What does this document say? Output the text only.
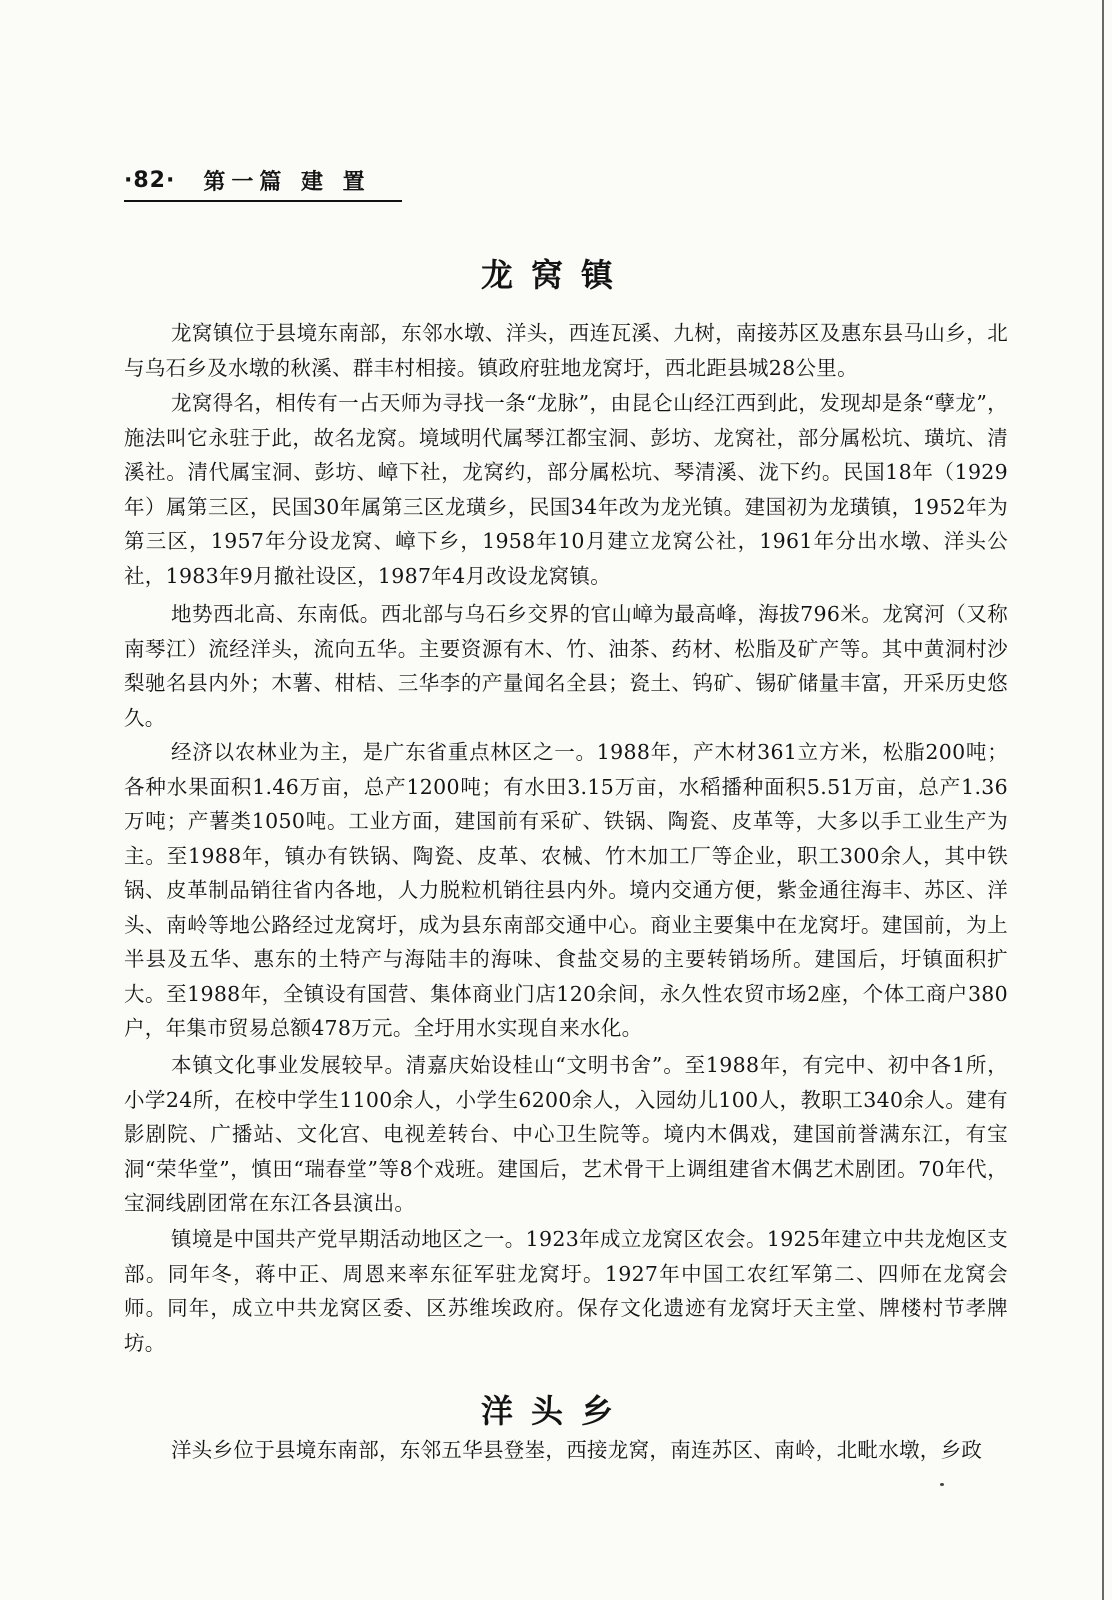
·82· 第一篇 建 置
龙窝镇

龙窝镇位于县境东南部，东邻水墩、洋头，西连瓦溪、九树，南接苏区及惠东县马山乡，北与乌石乡及水墩的秋溪、群丰村相接。镇政府驻地龙窝圩，西北距县城28公里。

龙窝得名，相传有一占天师为寻找一条“龙脉”，由昆仑山经江西到此，发现却是条“孽龙”，施法叫它永驻于此，故名龙窝。境域明代属琴江都宝洞、彭坊、龙窝社，部分属松坑、璜坑、清溪社。清代属宝洞、彭坊、嶂下社，龙窝约，部分属松坑、琴清溪、泷下约。民国18年（1929年）属第三区，民国30年属第三区龙璜乡，民国34年改为龙光镇。建国初为龙璜镇，1952年为第三区，1957年分设龙窝、嶂下乡，1958年10月建立龙窝公社，1961年分出水墩、洋头公社，1983年9月撤社设区，1987年4月改设龙窝镇。

地势西北高、东南低。西北部与乌石乡交界的官山嶂为最高峰，海拔796米。龙窝河（又称南琴江）流经洋头，流向五华。主要资源有木、竹、油茶、药材、松脂及矿产等。其中黄洞村沙梨驰名县内外；木薯、柑桔、三华李的产量闻名全县；瓷土、钨矿、锡矿储量丰富，开采历史悠久。

经济以农林业为主，是广东省重点林区之一。1988年，产木材361立方米，松脂200吨；各种水果面积1.46万亩，总产1200吨；有水田3.15万亩，水稻播种面积5.51万亩，总产1.36万吨；产薯类1050吨。工业方面，建国前有采矿、铁锅、陶瓷、皮革等，大多以手工业生产为主。至1988年，镇办有铁锅、陶瓷、皮革、农械、竹木加工厂等企业，职工300余人，其中铁锅、皮革制品销往省内各地，人力脱粒机销往县内外。境内交通方便，紫金通往海丰、苏区、洋头、南岭等地公路经过龙窝圩，成为县东南部交通中心。商业主要集中在龙窝圩。建国前，为上半县及五华、惠东的土特产与海陆丰的海味、食盐交易的主要转销场所。建国后，圩镇面积扩大。至1988年，全镇设有国营、集体商业门店120余间，永久性农贸市场2座，个体工商户380户，年集市贸易总额478万元。全圩用水实现自来水化。

本镇文化事业发展较早。清嘉庆始设桂山“文明书舍”。至1988年，有完中、初中各1所，小学24所，在校中学生1100余人，小学生6200余人，入园幼儿100人，教职工340余人。建有影剧院、广播站、文化宫、电视差转台、中心卫生院等。境内木偶戏，建国前誉满东江，有宝洞“荣华堂”，慎田“瑞春堂”等8个戏班。建国后，艺术骨干上调组建省木偶艺术剧团。70年代，宝洞线剧团常在东江各县演出。

镇境是中国共产党早期活动地区之一。1923年成立龙窝区农会。1925年建立中共龙炮区支部。同年冬，蒋中正、周恩来率东征军驻龙窝圩。1927年中国工农红军第二、四师在龙窝会师。同年，成立中共龙窝区委、区苏维埃政府。保存文化遗迹有龙窝圩天主堂、牌楼村节孝牌坊。

洋头乡

洋头乡位于县境东南部，东邻五华县登峚，西接龙窝，南连苏区、南岭，北毗水墩，乡政
